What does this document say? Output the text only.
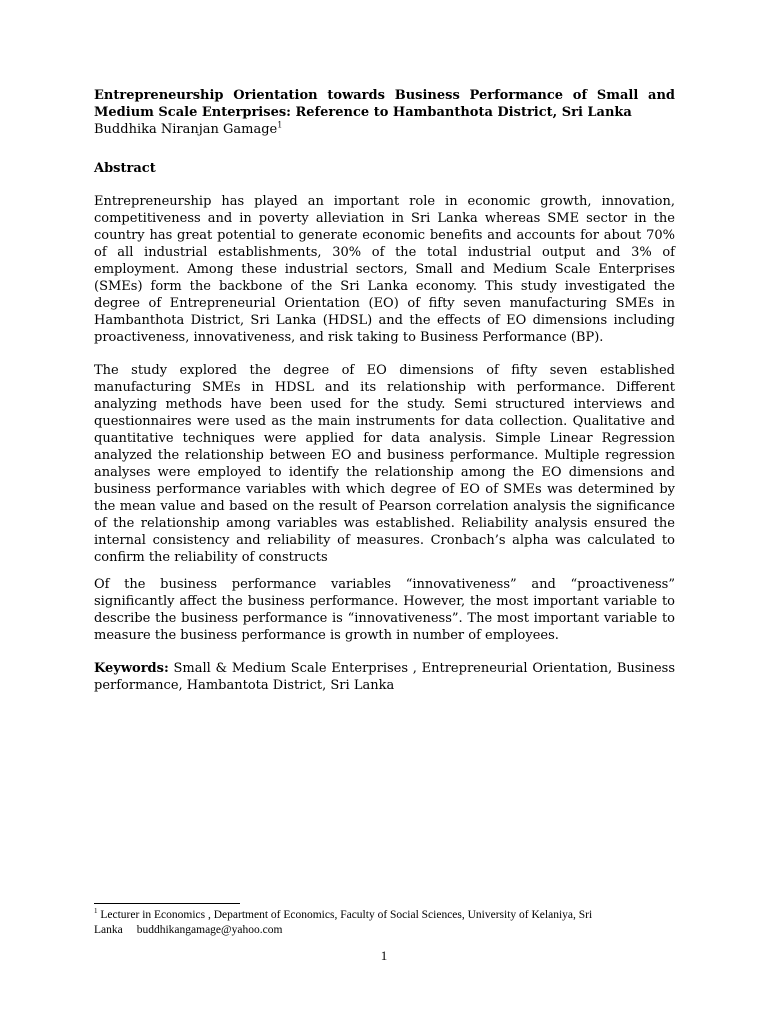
Entrepreneurship Orientation towards Business Performance of Small and Medium Scale Enterprises: Reference to Hambanthota District, Sri Lanka

Buddhika Niranjan Gamage$^1$

Abstract

Entrepreneurship has played an important role in economic growth, innovation, competitiveness and in poverty alleviation in Sri Lanka whereas SME sector in the country has great potential to generate economic benefits and accounts for about 70% of all industrial establishments, 30% of the total industrial output and 3% of employment. Among these industrial sectors, Small and Medium Scale Enterprises (SMEs) form the backbone of the Sri Lanka economy. This study investigated the degree of Entrepreneurial Orientation (EO) of fifty seven manufacturing SMEs in Hambanthota District, Sri Lanka (HDSL) and the effects of EO dimensions including proactiveness, innovativeness, and risk taking to Business Performance (BP).

The study explored the degree of EO dimensions of fifty seven established manufacturing SMEs in HDSL and its relationship with performance. Different analyzing methods have been used for the study. Semi structured interviews and questionnaires were used as the main instruments for data collection. Qualitative and quantitative techniques were applied for data analysis. Simple Linear Regression analyzed the relationship between EO and business performance. Multiple regression analyses were employed to identify the relationship among the EO dimensions and business performance variables with which degree of EO of SMEs was determined by the mean value and based on the result of Pearson correlation analysis the significance of the relationship among variables was established. Reliability analysis ensured the internal consistency and reliability of measures. Cronbach’s alpha was calculated to confirm the reliability of constructs

Of the business performance variables “innovativeness” and “proactiveness” significantly affect the business performance. However, the most important variable to describe the business performance is “innovativeness”. The most important variable to measure the business performance is growth in number of employees.

Keywords: Small & Medium Scale Enterprises , Entrepreneurial Orientation, Business performance, Hambantota District, Sri Lanka

$^1$ Lecturer in Economics , Department of Economics, Faculty of Social Sciences, University of Kelaniya, Sri Lanka buddhikangamage@yahoo.com
1
